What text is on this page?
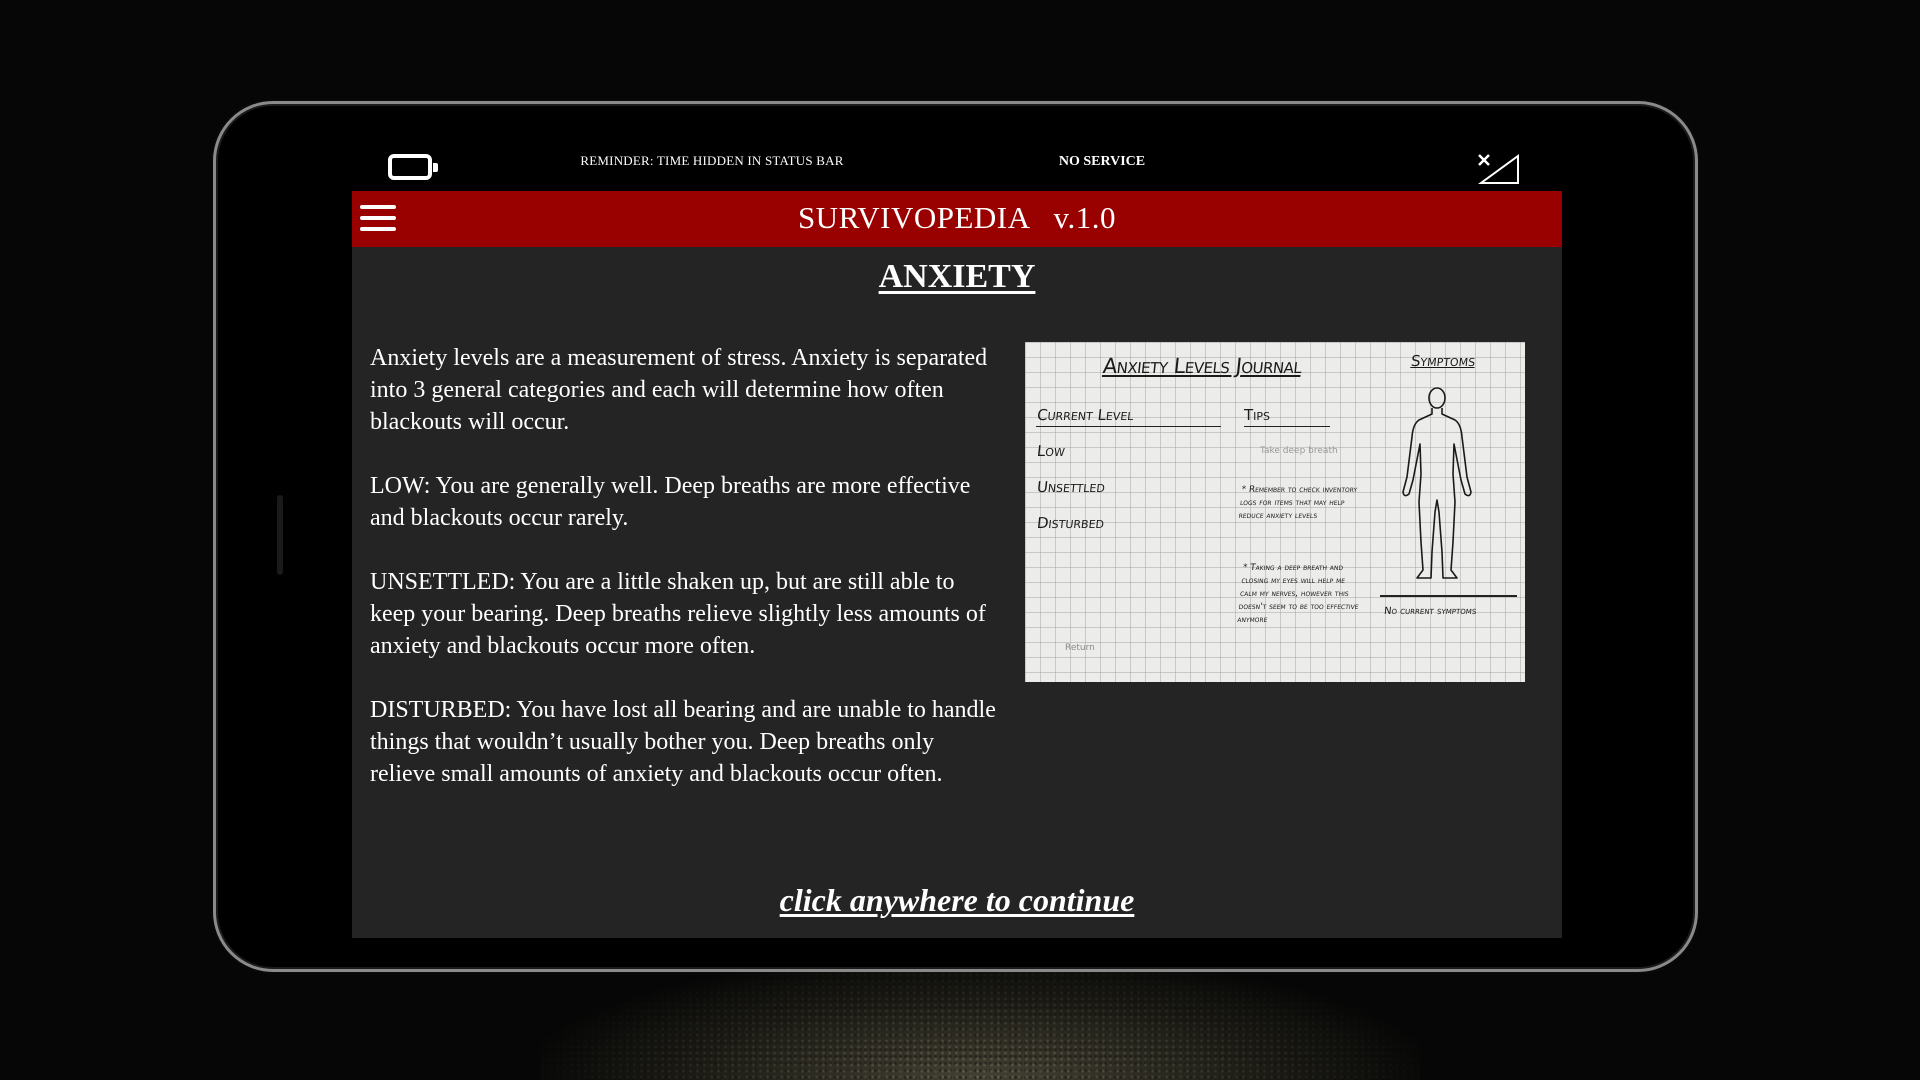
REMINDER: TIME HIDDEN IN STATUS BAR	NO SERVICE
SURVIVOPEDIA   v.1.0
ANXIETY

Anxiety levels are a measurement of stress. Anxiety is separated into 3 general categories and each will determine how often blackouts will occur.

LOW: You are generally well. Deep breaths are more effective and blackouts occur rarely.

UNSETTLED: You are a little shaken up, but are still able to keep your bearing. Deep breaths relieve slightly less amounts of anxiety and blackouts occur more often.

DISTURBED: You have lost all bearing and are unable to handle things that wouldn’t usually bother you. Deep breaths only relieve small amounts of anxiety and blackouts occur often.

Anxiety Levels Journal	Symptoms
Current Level	Tips
Low
Unsettled
Disturbed
Take deep breath
* Remember to check inventory logs for items that may help reduce anxiety levels
* Taking a deep breath and closing my eyes will help me calm my nerves, however this doesn't seem to be too effective anymore
Return
No current symptoms
click anywhere to continue
